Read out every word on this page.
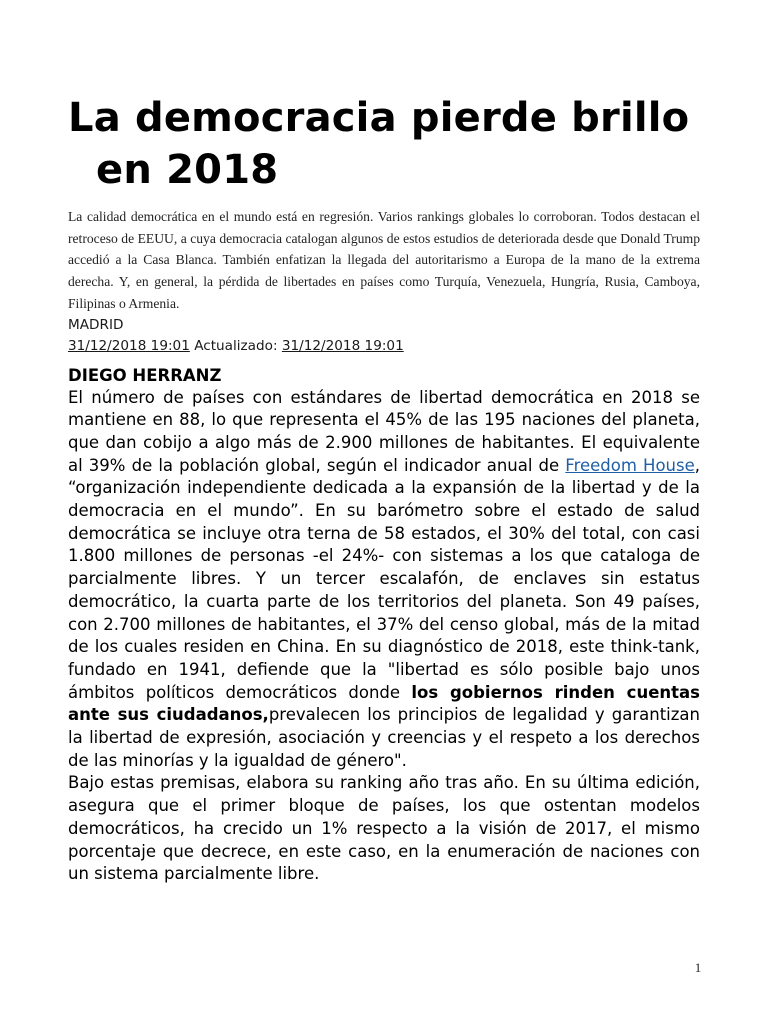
La democracia pierde brillo
en 2018

La calidad democrática en el mundo está en regresión. Varios rankings globales lo corroboran. Todos destacan el retroceso de EEUU, a cuya democracia catalogan algunos de estos estudios de deteriorada desde que Donald Trump accedió a la Casa Blanca. También enfatizan la llegada del autoritarismo a Europa de la mano de la extrema derecha. Y, en general, la pérdida de libertades en países como Turquía, Venezuela, Hungría, Rusia, Camboya, Filipinas o Armenia.

MADRID
31/12/2018 19:01 Actualizado: 31/12/2018 19:01
DIEGO HERRANZ

El número de países con estándares de libertad democrática en 2018 se mantiene en 88, lo que representa el 45% de las 195 naciones del planeta, que dan cobijo a algo más de 2.900 millones de habitantes. El equivalente al 39% de la población global, según el indicador anual de Freedom House, “organización independiente dedicada a la expansión de la libertad y de la democracia en el mundo”. En su barómetro sobre el estado de salud democrática se incluye otra terna de 58 estados, el 30% del total, con casi 1.800 millones de personas -el 24%- con sistemas a los que cataloga de parcialmente libres. Y un tercer escalafón, de enclaves sin estatus democrático, la cuarta parte de los territorios del planeta. Son 49 países, con 2.700 millones de habitantes, el 37% del censo global, más de la mitad de los cuales residen en China. En su diagnóstico de 2018, este think-tank, fundado en 1941, defiende que la "libertad es sólo posible bajo unos ámbitos políticos democráticos donde los gobiernos rinden cuentas ante sus ciudadanos,prevalecen los principios de legalidad y garantizan la libertad de expresión, asociación y creencias y el respeto a los derechos de las minorías y la igualdad de género".

Bajo estas premisas, elabora su ranking año tras año. En su última edición, asegura que el primer bloque de países, los que ostentan modelos democráticos, ha crecido un 1% respecto a la visión de 2017, el mismo porcentaje que decrece, en este caso, en la enumeración de naciones con un sistema parcialmente libre.

1
